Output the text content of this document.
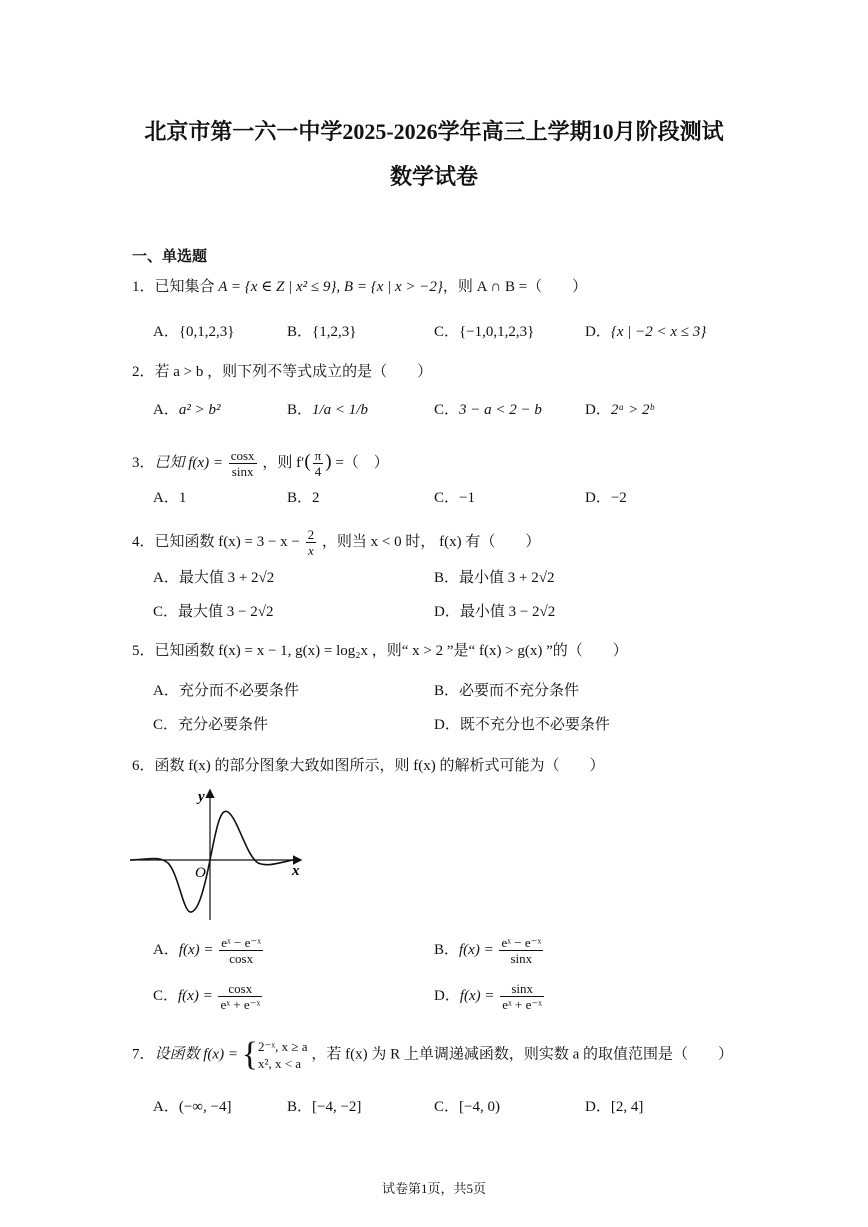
北京市第一六一中学2025-2026学年高三上学期10月阶段测试
数学试卷
一、单选题
1．已知集合 A = {x ∈ Z | x² ≤ 9}, B = {x | x > −2}，则 A ∩ B =（　　）
A．{0,1,2,3}	B．{1,2,3}	C．{−1,0,1,2,3}	D．{x | −2 < x ≤ 3}
2．若 a > b ，则下列不等式成立的是（　　）
A．a² > b²	B．1/a < 1/b	C．3 − a < 2 − b	D．2ᵃ > 2ᵇ
3．已知 $f(x) = \frac{\cos x}{\sin x}$ ，则 $f'( \frac{\pi}{4}$ ) =（　）
A．1	B．2	C．−1	D．−2
4．已知函数 $f(x) = 3 - x - \frac{2}{x}$ ，则当 x < 0 时， f(x) 有（　　）
A．最大值 3 + 2√2	B．最小值 3 + 2√2
C．最大值 3 − 2√2	D．最小值 3 − 2√2
5．已知函数 f(x) = x − 1, g(x) = log₂x ，则“ x > 2 ”是“ f(x) > g(x) ”的（　　）
A．充分而不必要条件	B．必要而不充分条件
C．充分必要条件	D．既不充分也不必要条件
6．函数 f(x) 的部分图象大致如图所示，则 f(x) 的解析式可能为（　　）
y
x
O
A．$f(x) = \frac{\text{eˣ − e⁻ˣ}}{\cos x}$	B．$f(x) = \frac{\text{eˣ − e⁻ˣ}}{\sin x}$
C．$f(x) = \frac{\cos x}{\text{eˣ + e⁻ˣ}}$	D．$f(x) = \frac{\sin x}{\text{eˣ + e⁻ˣ}}$
7．设函数 f(x) = { 2⁻ˣ, x ≥ a
x², x < a
，若 f(x) 为 R 上单调递减函数，则实数 a 的取值范围是（　　）
A．(−∞, −4]	B．[−4, −2]	C．[−4, 0)	D．[2, 4]
试卷第1页，共5页
